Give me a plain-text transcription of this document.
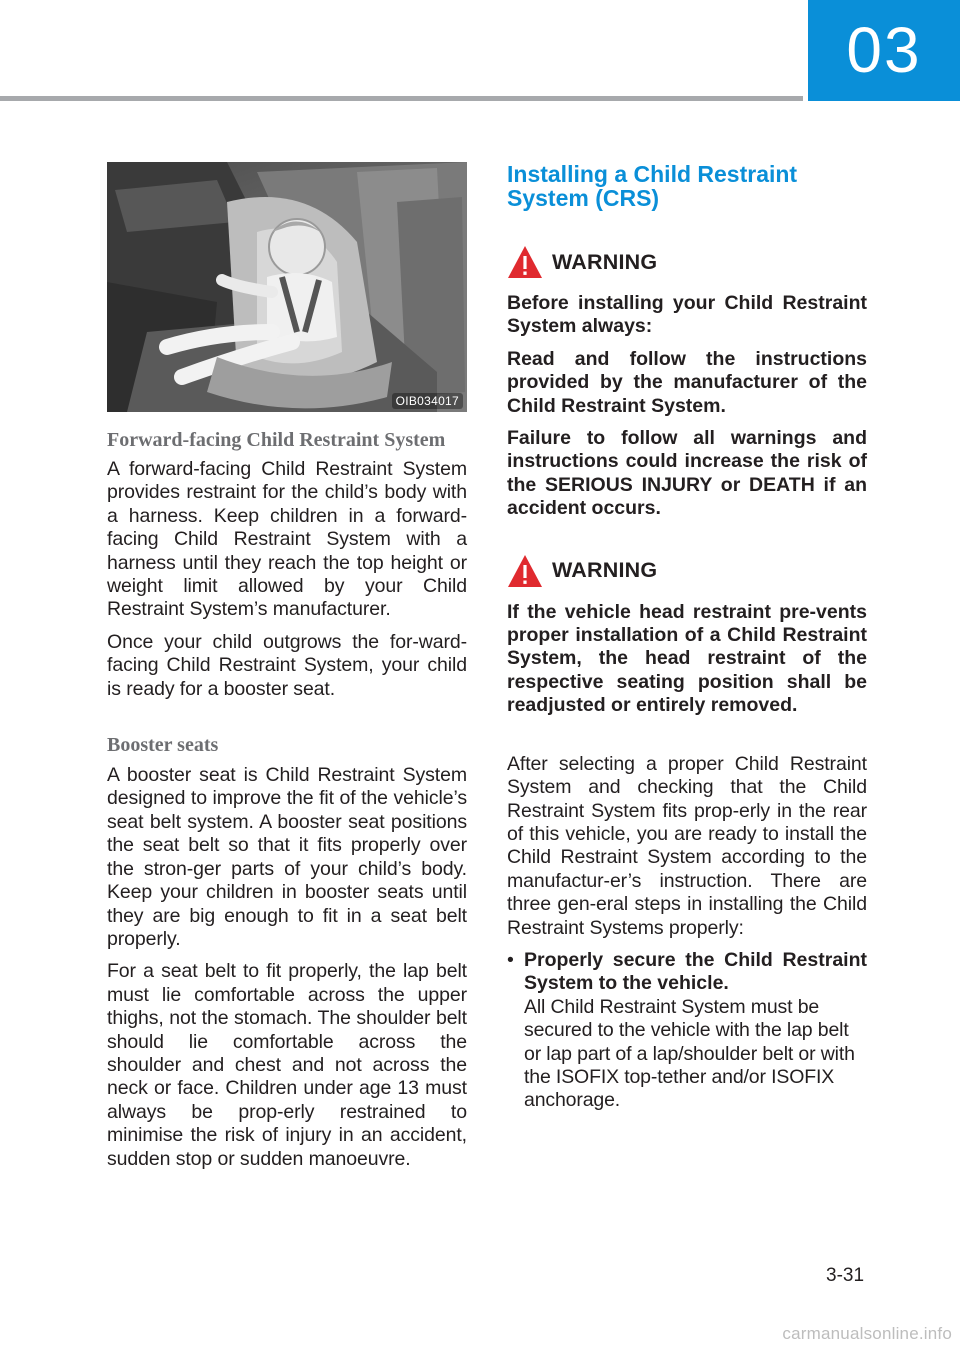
03
OIB034017
Forward-facing Child Restraint System

A forward-facing Child Restraint System provides restraint for the child’s body with a harness. Keep children in a forward-facing Child Restraint System with a harness until they reach the top height or weight limit allowed by your Child Restraint System’s manufacturer.

Once your child outgrows the for-ward-facing Child Restraint System, your child is ready for a booster seat.

Booster seats

A booster seat is Child Restraint System designed to improve the fit of the vehicle’s seat belt system. A booster seat positions the seat belt so that it fits properly over the stron-ger parts of your child’s body. Keep your children in booster seats until they are big enough to fit in a seat belt properly.

For a seat belt to fit properly, the lap belt must lie comfortable across the upper thighs, not the stomach. The shoulder belt should lie comfortable across the shoulder and chest and not across the neck or face. Children under age 13 must always be prop-erly restrained to minimise the risk of injury in an accident, sudden stop or sudden manoeuvre.

Installing a Child Restraint
System (CRS)
WARNING

Before installing your Child Restraint System always:

Read and follow the instructions provided by the manufacturer of the Child Restraint System.

Failure to follow all warnings and instructions could increase the risk of the SERIOUS INJURY or DEATH if an accident occurs.

WARNING

If the vehicle head restraint pre-vents proper installation of a Child Restraint System, the head restraint of the respective seating position shall be readjusted or entirely removed.

After selecting a proper Child Restraint System and checking that the Child Restraint System fits prop-erly in the rear of this vehicle, you are ready to install the Child Restraint System according to the manufactur-er’s instruction. There are three gen-eral steps in installing the Child Restraint Systems properly:

• Properly secure the Child Restraint System to the vehicle.

All Child Restraint System must be secured to the vehicle with the lap belt or lap part of a lap/shoulder belt or with the ISOFIX top-tether and/or ISOFIX anchorage.

3-31
carmanualsonline.info
